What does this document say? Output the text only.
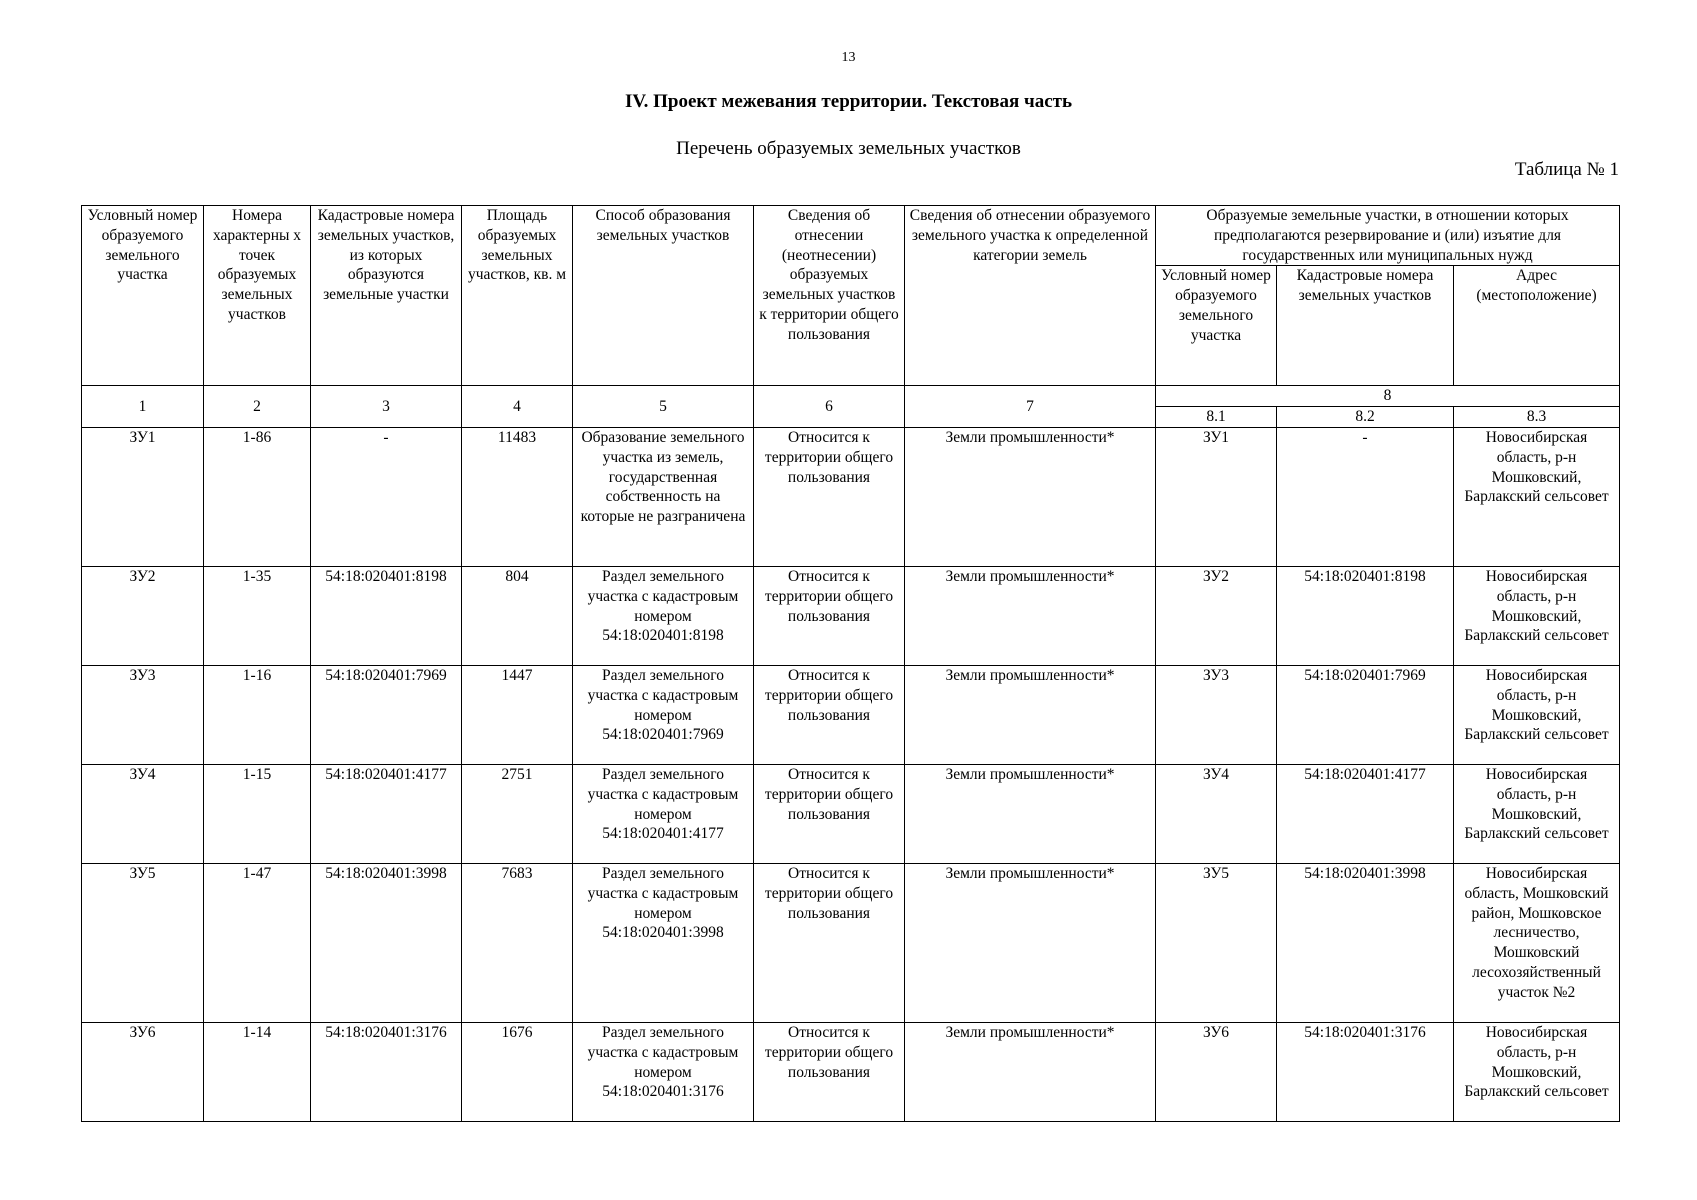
13
IV. Проект межевания территории. Текстовая часть
Перечень образуемых земельных участков
Таблица № 1
Условный номер образуемого земельного участка	Номера характерны х точек образуемых земельных участков	Кадастровые номера земельных участков, из которых образуются земельные участки	Площадь образуемых земельных участков, кв. м	Способ образования земельных участков	Сведения об отнесении (неотнесении) образуемых земельных участков к территории общего пользования	Сведения об отнесении образуемого земельного участка к определенной категории земель	Образуемые земельные участки, в отношении которых предполагаются резервирование и (или) изъятие для государственных или муниципальных нужд		
							Условный номер образуемого земельного участка	Кадастровые номера земельных участков	Адрес (местоположение)
1	2	3	4	5	6	7	8		
							8.1	8.2	8.3
ЗУ1	1-86	-	11483	Образование земельного участка из земель, государственная собственность на которые не разграничена	Относится к территории общего пользования	Земли промышленности*	ЗУ1	-	Новосибирская область, р-н Мошковский, Барлакский сельсовет
ЗУ2	1-35	54:18:020401:8198	804	Раздел земельного участка с кадастровым номером 54:18:020401:8198	Относится к территории общего пользования	Земли промышленности*	ЗУ2	54:18:020401:8198	Новосибирская область, р-н Мошковский, Барлакский сельсовет
ЗУ3	1-16	54:18:020401:7969	1447	Раздел земельного участка с кадастровым номером 54:18:020401:7969	Относится к территории общего пользования	Земли промышленности*	ЗУ3	54:18:020401:7969	Новосибирская область, р-н Мошковский, Барлакский сельсовет
ЗУ4	1-15	54:18:020401:4177	2751	Раздел земельного участка с кадастровым номером 54:18:020401:4177	Относится к территории общего пользования	Земли промышленности*	ЗУ4	54:18:020401:4177	Новосибирская область, р-н Мошковский, Барлакский сельсовет
ЗУ5	1-47	54:18:020401:3998	7683	Раздел земельного участка с кадастровым номером 54:18:020401:3998	Относится к территории общего пользования	Земли промышленности*	ЗУ5	54:18:020401:3998	Новосибирская область, Мошковский район, Мошковское лесничество, Мошковский лесохозяйственный участок №2
ЗУ6	1-14	54:18:020401:3176	1676	Раздел земельного участка с кадастровым номером 54:18:020401:3176	Относится к территории общего пользования	Земли промышленности*	ЗУ6	54:18:020401:3176	Новосибирская область, р-н Мошковский, Барлакский сельсовет
